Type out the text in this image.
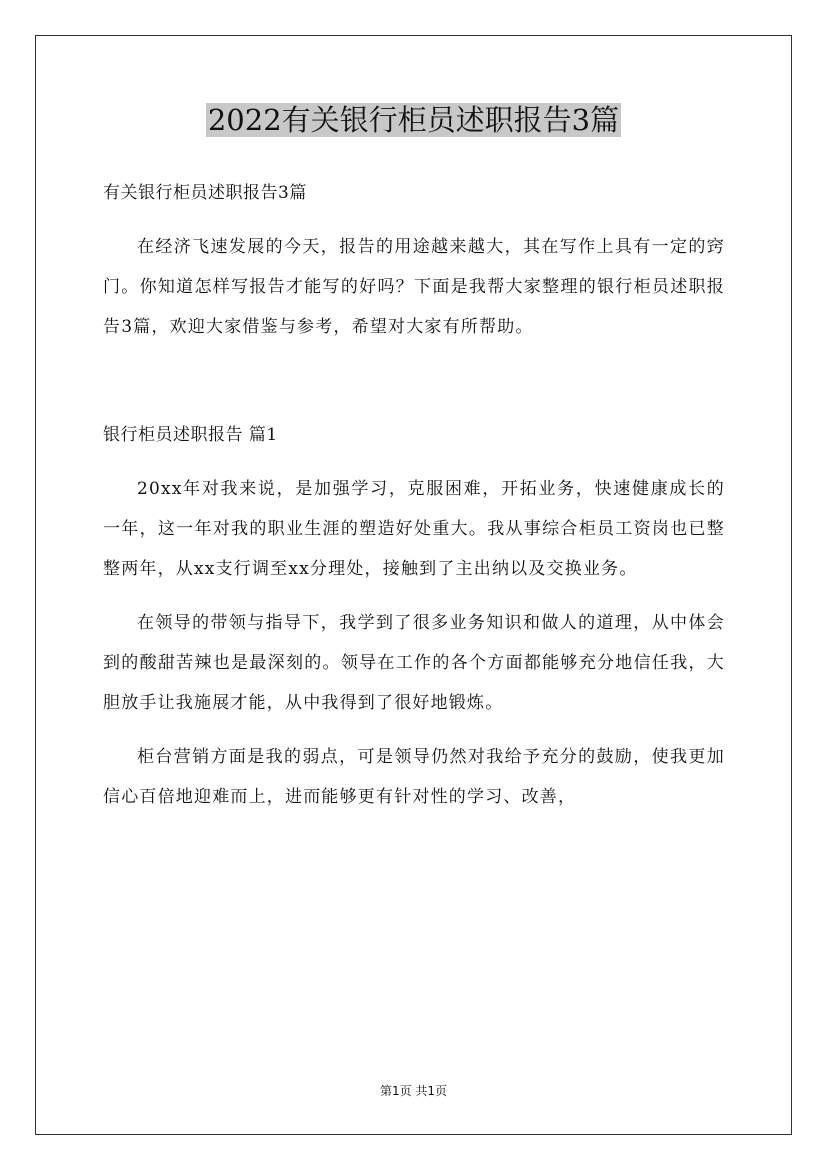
2022有关银行柜员述职报告3篇
有关银行柜员述职报告3篇
在经济飞速发展的今天，报告的用途越来越大，其在写作上具有一定的窍门。你知道怎样写报告才能写的好吗？下面是我帮大家整理的银行柜员述职报告3篇，欢迎大家借鉴与参考，希望对大家有所帮助。
银行柜员述职报告 篇1
20xx年对我来说，是加强学习，克服困难，开拓业务，快速健康成长的一年，这一年对我的职业生涯的塑造好处重大。我从事综合柜员工资岗也已整整两年，从xx支行调至xx分理处，接触到了主出纳以及交换业务。
在领导的带领与指导下，我学到了很多业务知识和做人的道理，从中体会到的酸甜苦辣也是最深刻的。领导在工作的各个方面都能够充分地信任我，大胆放手让我施展才能，从中我得到了很好地锻炼。
柜台营销方面是我的弱点，可是领导仍然对我给予充分的鼓励，使我更加信心百倍地迎难而上，进而能够更有针对性的学习、改善，
第1页 共1页
